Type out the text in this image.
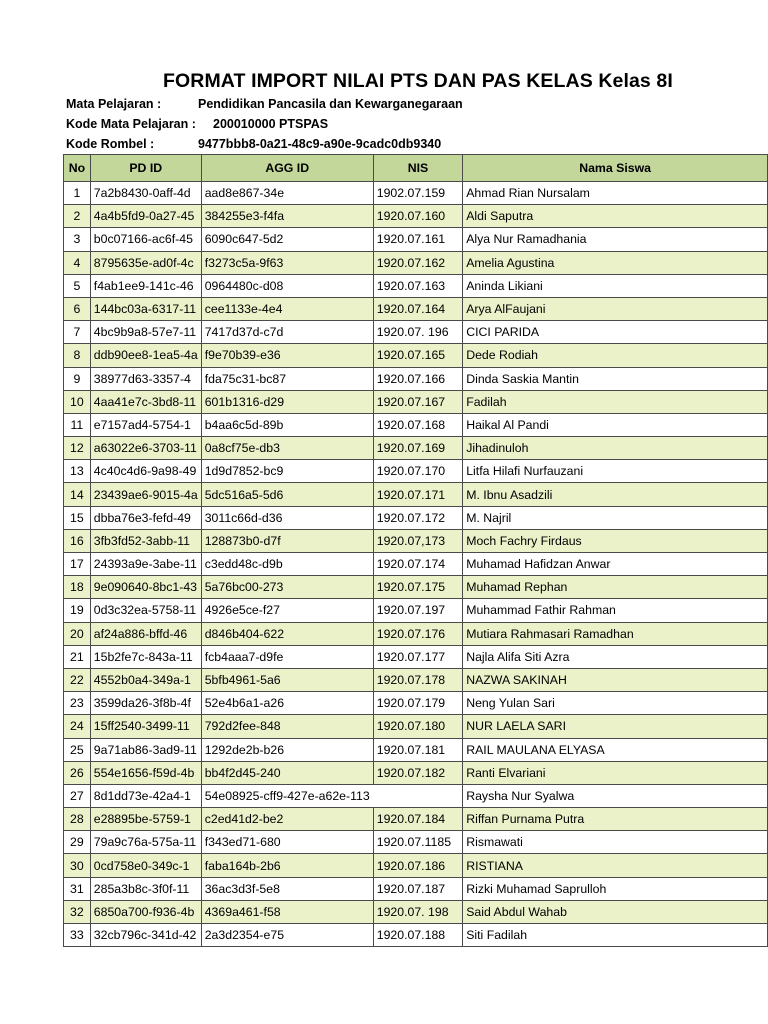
FORMAT IMPORT NILAI PTS DAN PAS KELAS Kelas 8I
Mata Pelajaran :	Pendidikan Pancasila dan Kewarganegaraan
Kode Mata Pelajaran : 200010000 PTSPAS
Kode Rombel :	9477bbb8-0a21-48c9-a90e-9cadc0db9340
No	PD ID	AGG ID	NIS	Nama Siswa
1	7a2b8430-0aff-4d	aad8e867-34e	1902.07.159	Ahmad Rian Nursalam
2	4a4b5fd9-0a27-45	384255e3-f4fa	1920.07.160	Aldi Saputra
3	b0c07166-ac6f-45	6090c647-5d2	1920.07.161	Alya Nur Ramadhania
4	8795635e-ad0f-4c	f3273c5a-9f63	1920.07.162	Amelia Agustina
5	f4ab1ee9-141c-46	0964480c-d08	1920.07.163	Aninda Likiani
6	144bc03a-6317-11	cee1133e-4e4	1920.07.164	Arya AlFaujani
7	4bc9b9a8-57e7-11	7417d37d-c7d	1920.07. 196	CICI PARIDA
8	ddb90ee8-1ea5-4a	f9e70b39-e36	1920.07.165	Dede Rodiah
9	38977d63-3357-4	fda75c31-bc87	1920.07.166	Dinda Saskia Mantin
10	4aa41e7c-3bd8-11	601b1316-d29	1920.07.167	Fadilah
11	e7157ad4-5754-1	b4aa6c5d-89b	1920.07.168	Haikal Al Pandi
12	a63022e6-3703-11	0a8cf75e-db3	1920.07.169	Jihadinuloh
13	4c40c4d6-9a98-49	1d9d7852-bc9	1920.07.170	Litfa Hilafi Nurfauzani
14	23439ae6-9015-4a	5dc516a5-5d6	1920.07.171	M. Ibnu Asadzili
15	dbba76e3-fefd-49	3011c66d-d36	1920.07.172	M. Najril
16	3fb3fd52-3abb-11	128873b0-d7f	1920.07,173	Moch Fachry Firdaus
17	24393a9e-3abe-11	c3edd48c-d9b	1920.07.174	Muhamad Hafidzan Anwar
18	9e090640-8bc1-43	5a76bc00-273	1920.07.175	Muhamad Rephan
19	0d3c32ea-5758-11	4926e5ce-f27	1920.07.197	Muhammad Fathir Rahman
20	af24a886-bffd-46	d846b404-622	1920.07.176	Mutiara Rahmasari Ramadhan
21	15b2fe7c-843a-11	fcb4aaa7-d9fe	1920.07.177	Najla Alifa Siti Azra
22	4552b0a4-349a-1	5bfb4961-5a6	1920.07.178	NAZWA SAKINAH
23	3599da26-3f8b-4f	52e4b6a1-a26	1920.07.179	Neng Yulan Sari
24	15ff2540-3499-11	792d2fee-848	1920.07.180	NUR LAELA SARI
25	9a71ab86-3ad9-11	1292de2b-b26	1920.07.181	RAIL MAULANA ELYASA
26	554e1656-f59d-4b	bb4f2d45-240	1920.07.182	Ranti Elvariani
27	8d1dd73e-42a4-1	54e08925-cff9-427e-a62e-113		Raysha Nur Syalwa
28	e28895be-5759-1	c2ed41d2-be2	1920.07.184	Riffan Purnama Putra
29	79a9c76a-575a-11	f343ed71-680	1920.07.1185	Rismawati
30	0cd758e0-349c-1	faba164b-2b6	1920.07.186	RISTIANA
31	285a3b8c-3f0f-11	36ac3d3f-5e8	1920.07.187	Rizki Muhamad Saprulloh
32	6850a700-f936-4b	4369a461-f58	1920.07. 198	Said Abdul Wahab
33	32cb796c-341d-42	2a3d2354-e75	1920.07.188	Siti Fadilah
